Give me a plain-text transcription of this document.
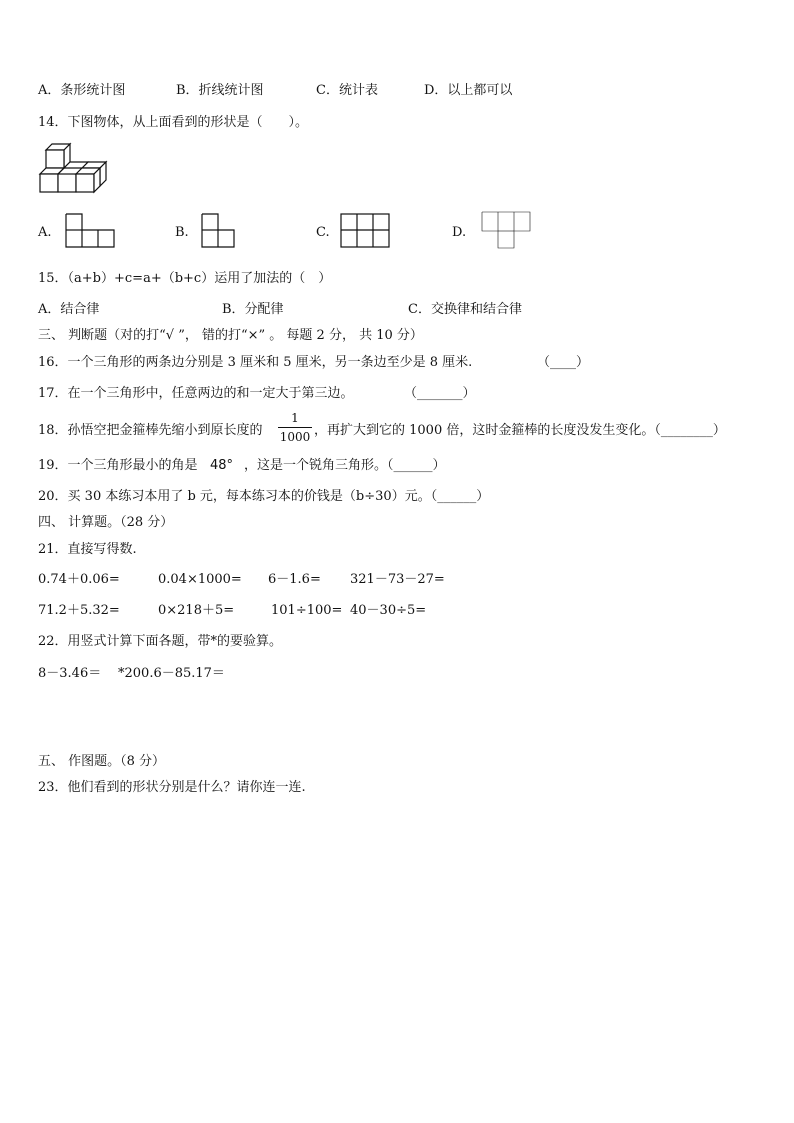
A．条形统计图	B．折线统计图	C．统计表	D．以上都可以
14．下图物体，从上面看到的形状是（　　）。
A.	B.	C.	D.
15．（a+b）+c=a+（b+c）运用了加法的（　）
A．结合律	B．分配律	C．交换律和结合律
三、 判断题（对的打“√ ”， 错的打“×” 。 每题 2 分， 共 10 分）
16．一个三角形的两条边分别是 3 厘米和 5 厘米，另一条边至少是 8 厘米.	（____）
17．在一个三角形中，任意两边的和一定大于第三边。	（_______）
18．孙悟空把金箍棒先缩小到原长度的
1
1000 ，再扩大到它的 1000 倍，这时金箍棒的长度没发生变化。（________）
19．一个三角形最小的角是 48° ，这是一个锐角三角形。（______）
20．买 30 本练习本用了 b 元，每本练习本的价钱是（b÷30）元。（______）
四、 计算题。（28 分）
21．直接写得数.
0.74＋0.06=	0.04×1000= 6－1.6= 321－73－27=
71.2＋5.32=	0×218＋5=	101÷100= 40－30÷5=
22．用竖式计算下面各题，带*的要验算。
8－3.46＝ *200.6－85.17＝
五、 作图题。（8 分）
23．他们看到的形状分别是什么？请你连一连.
